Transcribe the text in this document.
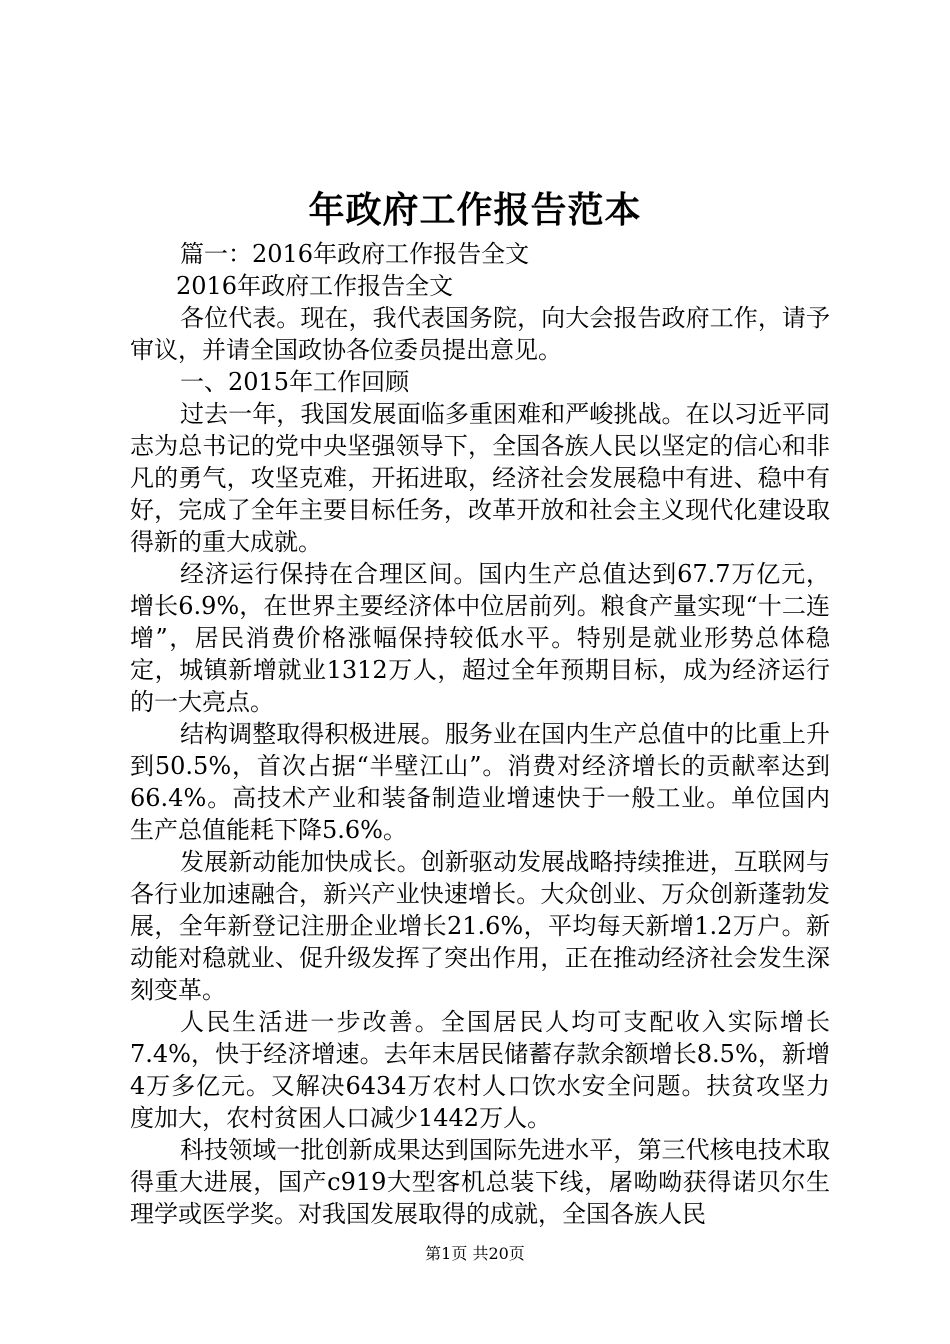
年政府工作报告范本

篇一：2016年政府工作报告全文

2016年政府工作报告全文

各位代表。现在，我代表国务院，向大会报告政府工作，请予审议，并请全国政协各位委员提出意见。

一、2015年工作回顾

过去一年，我国发展面临多重困难和严峻挑战。在以习近平同志为总书记的党中央坚强领导下，全国各族人民以坚定的信心和非凡的勇气，攻坚克难，开拓进取，经济社会发展稳中有进、稳中有好，完成了全年主要目标任务，改革开放和社会主义现代化建设取得新的重大成就。

经济运行保持在合理区间。国内生产总值达到67.7万亿元，增长6.9%，在世界主要经济体中位居前列。粮食产量实现“十二连增”，居民消费价格涨幅保持较低水平。特别是就业形势总体稳定，城镇新增就业1312万人，超过全年预期目标，成为经济运行的一大亮点。

结构调整取得积极进展。服务业在国内生产总值中的比重上升到50.5%，首次占据“半壁江山”。消费对经济增长的贡献率达到66.4%。高技术产业和装备制造业增速快于一般工业。单位国内生产总值能耗下降5.6%。

发展新动能加快成长。创新驱动发展战略持续推进，互联网与各行业加速融合，新兴产业快速增长。大众创业、万众创新蓬勃发展，全年新登记注册企业增长21.6%，平均每天新增1.2万户。新动能对稳就业、促升级发挥了突出作用，正在推动经济社会发生深刻变革。

人民生活进一步改善。全国居民人均可支配收入实际增长7.4%，快于经济增速。去年末居民储蓄存款余额增长8.5%，新增4万多亿元。又解决6434万农村人口饮水安全问题。扶贫攻坚力度加大，农村贫困人口减少1442万人。

科技领域一批创新成果达到国际先进水平，第三代核电技术取得重大进展，国产c919大型客机总装下线，屠呦呦获得诺贝尔生理学或医学奖。对我国发展取得的成就，全国各族人民

第1页 共20页
